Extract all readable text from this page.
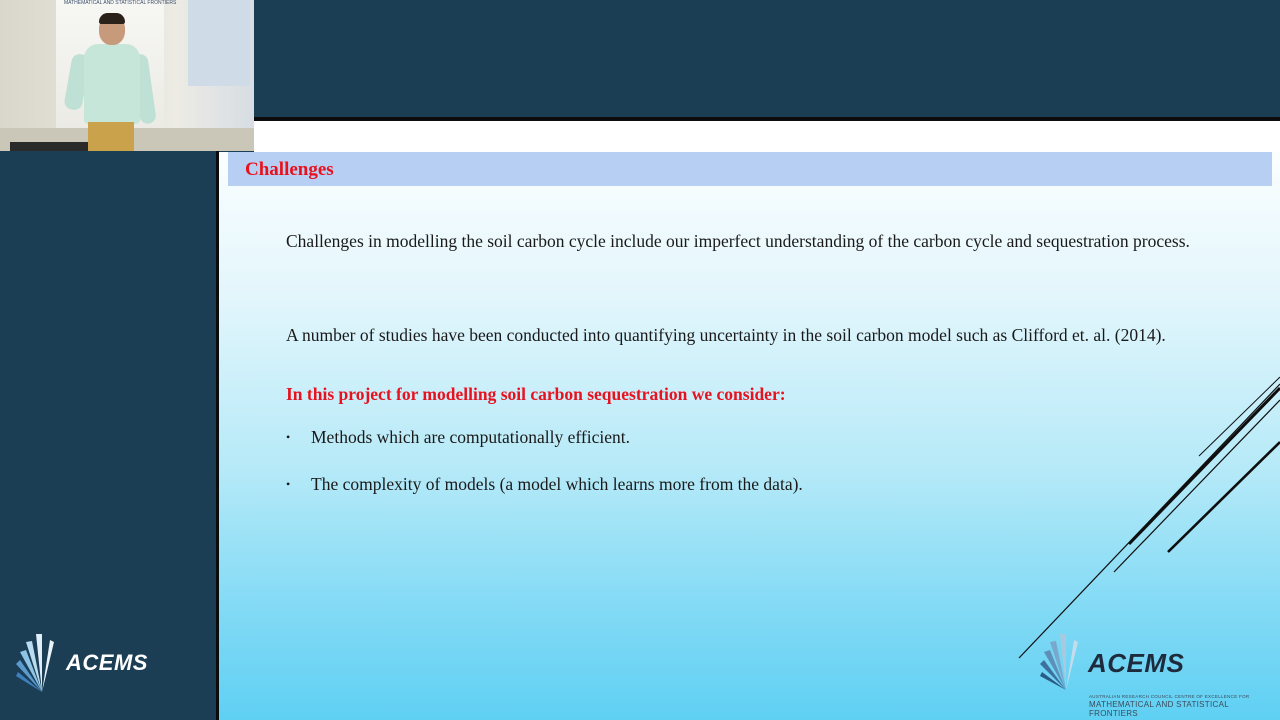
MATHEMATICAL AND STATISTICAL FRONTIERS
Challenges
Challenges in modelling the soil carbon cycle include our imperfect understanding of the carbon cycle and sequestration process.
A number of studies have been conducted into quantifying uncertainty in the soil carbon model such as Clifford et. al. (2014).
In this project for modelling soil carbon sequestration we consider:
•	Methods which are computationally efficient.
•	The complexity of models (a model which learns more from the data).
ACEMS	ACEMS
AUSTRALIAN RESEARCH COUNCIL CENTRE OF EXCELLENCE FOR
MATHEMATICAL AND STATISTICAL FRONTIERS
